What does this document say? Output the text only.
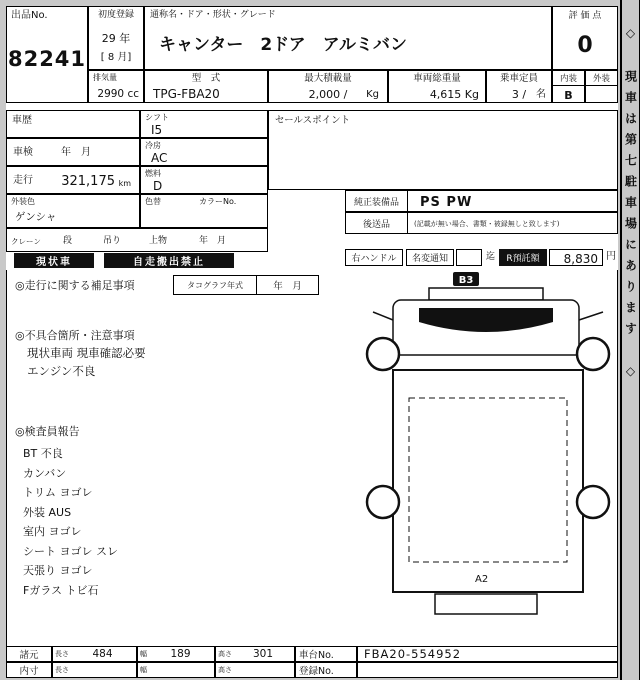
出品No.
82241
初度登録
29 年
[ 8 月]
通称名・ドア・形状・グレード
キャンター　2ドア　アルミバン
評 価 点
0
排気量
2990 cc
型　式
TPG-FBA20
最大積載量
2,000 /	Kg
車両総重量
4,615 Kg
乗車定員
3 / 名
内装
B
外装
車歴	シフト
I5
セールスポイント
車検	年　月
冷房
AC
走行 321,175 km
燃料
D
外装色
ゲンシャ
色替	カラーNo.
クレーン 段	吊り	上物	年　月
純正装備品	PS PW
後送品	(記載が無い場合、書類・被録無しと致します)
現状車	自走搬出禁止	右ハンドル	名変通知	迄	R預託額	8,830 円
◎走行に関する補足事項	タコグラフ年式	年　月
◎不具合箇所・注意事項
現状車両 現車確認必要
エンジン不良
◎検査員報告
BT 不良
カンバン
トリム ヨゴレ
外装 AUS
室内 ヨゴレ
シート ヨゴレ スレ
天張り ヨゴレ
Fガラス トビ石
B3
A2
諸元	長さ	484	幅	189	高さ	301	車台No.	FBA20-554952
内寸	長さ	幅	高さ	登録No.
◇　現車は第七駐車場にあります　◇
